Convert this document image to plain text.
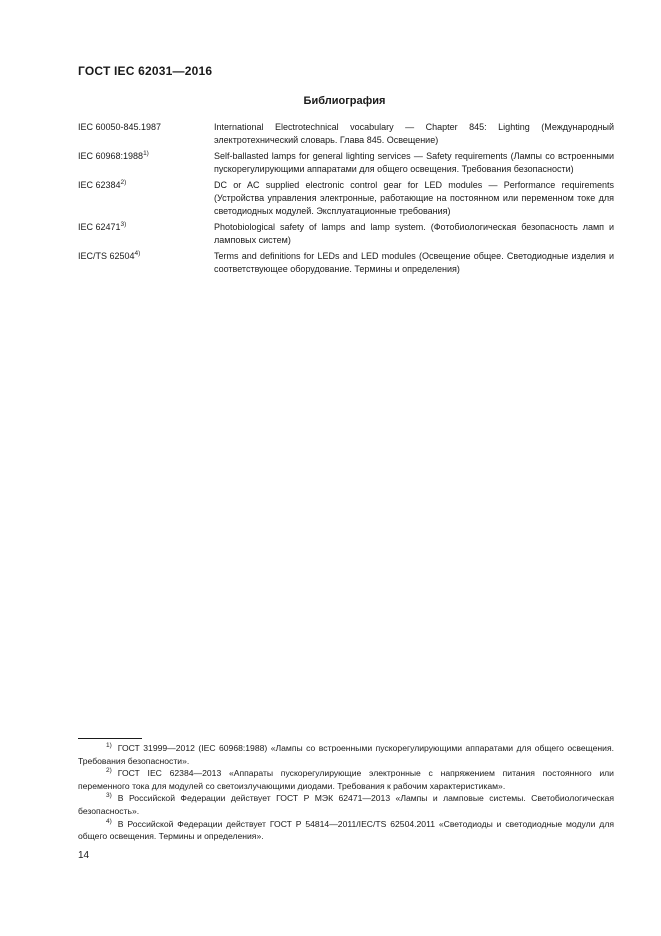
ГОСТ IEC 62031—2016
Библиография
IEC 60050-845.1987	International Electrotechnical vocabulary — Chapter 845: Lighting (Международный электротехнический словарь. Глава 845. Освещение)
IEC 60968:1988$^{1)}$	Self-ballasted lamps for general lighting services — Safety requirements (Лампы со встроенными пускорегулирующими аппаратами для общего освещения. Требования безопасности)
IEC 62384$^{2)}$	DC or AC supplied electronic control gear for LED modules — Performance requirements (Устройства управления электронные, работающие на постоянном или переменном токе для светодиодных модулей. Эксплуатационные требования)
IEC 62471$^{3)}$	Photobiological safety of lamps and lamp system. (Фотобиологическая безопасность ламп и ламповых систем)
IEC/TS 62504$^{4)}$	Terms and definitions for LEDs and LED modules (Освещение общее. Светодиодные изделия и соответствующее оборудование. Термины и определения)

$^{1)}$ ГОСТ 31999—2012 (IEC 60968:1988) «Лампы со встроенными пускорегулирующими аппаратами для общего освещения. Требования безопасности».

$^{2)}$ ГОСТ IEC 62384—2013 «Аппараты пускорегулирующие электронные с напряжением питания постоянного или переменного тока для модулей со светоизлучающими диодами. Требования к рабочим характеристикам».

$^{3)}$ В Российской Федерации действует ГОСТ Р МЭК 62471—2013 «Лампы и ламповые системы. Светобиологическая безопасность».

$^{4)}$ В Российской Федерации действует ГОСТ Р 54814—2011/IEC/TS 62504.2011 «Светодиоды и светодиодные модули для общего освещения. Термины и определения».

14
